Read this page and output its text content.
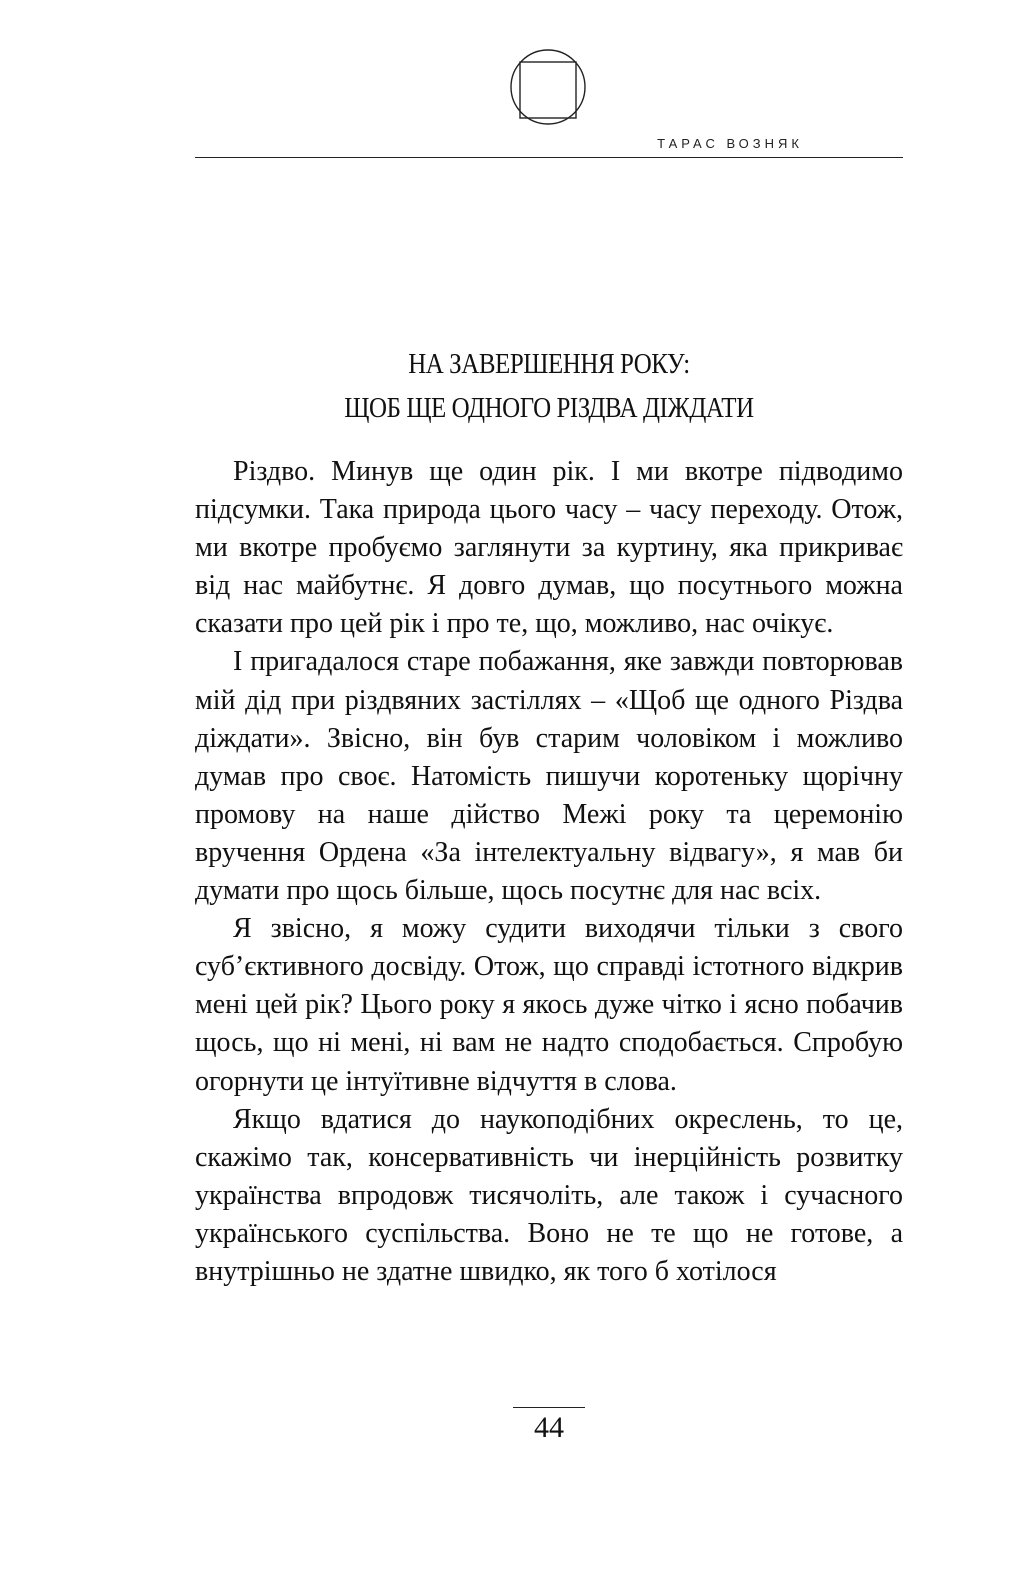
ТАРАС ВОЗНЯК
НА ЗАВЕРШЕННЯ РОКУ:
ЩОБ ЩЕ ОДНОГО РІЗДВА ДІЖДАТИ

Різдво. Минув ще один рік. І ми вкотре підводимо підсумки. Така природа цього часу – часу переходу. Отож, ми вкотре пробуємо заглянути за куртину, яка прикриває від нас майбутнє. Я довго думав, що посутнього можна сказати про цей рік і про те, що, можливо, нас очікує.

І пригадалося старе побажання, яке завжди повторював мій дід при різдвяних застіллях – «Щоб ще одного Різдва діждати». Звісно, він був старим чоловіком і можливо думав про своє. Натомість пишучи коротеньку щорічну промову на наше дійство Межі року та церемонію вручення Ордена «За інтелектуальну відвагу», я мав би думати про щось більше, щось посутнє для нас всіх.

Я звісно, я можу судити виходячи тільки з свого суб’єктивного досвіду. Отож, що справді істотного відкрив мені цей рік? Цього року я якось дуже чітко і ясно побачив щось, що ні мені, ні вам не надто сподобається. Спробую огорнути це інтуїтивне відчуття в слова.

Якщо вдатися до наукоподібних окреслень, то це, скажімо так, консервативність чи інерційність розвитку українства впродовж тисячоліть, але також і сучасного українського суспільства. Воно не те що не готове, а внутрішньо не здатне швидко, як того б хотілося

44
